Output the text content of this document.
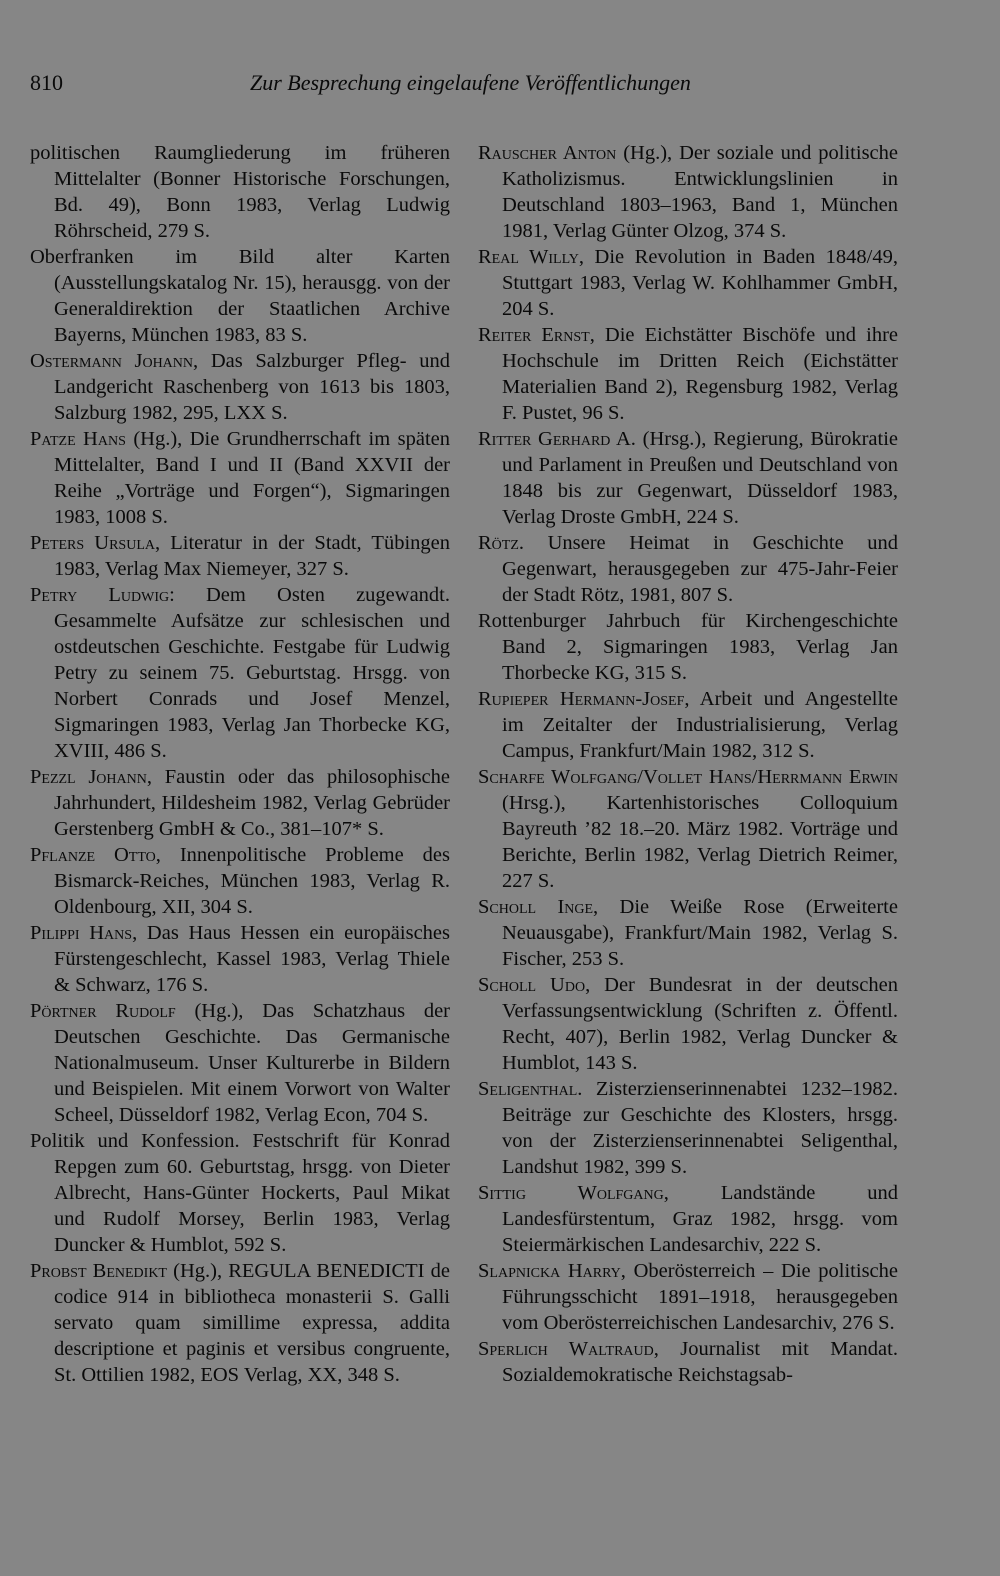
810	Zur Besprechung eingelaufene Veröffentlichungen

politischen Raumgliederung im früheren Mittelalter (Bonner Historische Forschungen, Bd. 49), Bonn 1983, Verlag Ludwig Röhrscheid, 279 S.

Oberfranken im Bild alter Karten (Ausstellungskatalog Nr. 15), herausgg. von der Generaldirektion der Staatlichen Archive Bayerns, München 1983, 83 S.

Ostermann Johann, Das Salzburger Pfleg- und Landgericht Raschenberg von 1613 bis 1803, Salzburg 1982, 295, LXX S.

Patze Hans (Hg.), Die Grundherrschaft im späten Mittelalter, Band I und II (Band XXVII der Reihe „Vorträge und Forgen“), Sigmaringen 1983, 1008 S.

Peters Ursula, Literatur in der Stadt, Tübingen 1983, Verlag Max Niemeyer, 327 S.

Petry Ludwig: Dem Osten zugewandt. Gesammelte Aufsätze zur schlesischen und ostdeutschen Geschichte. Festgabe für Ludwig Petry zu seinem 75. Geburtstag. Hrsgg. von Norbert Conrads und Josef Menzel, Sigmaringen 1983, Verlag Jan Thorbecke KG, XVIII, 486 S.

Pezzl Johann, Faustin oder das philosophische Jahrhundert, Hildesheim 1982, Verlag Gebrüder Gerstenberg GmbH & Co., 381–107* S.

Pflanze Otto, Innenpolitische Probleme des Bismarck-Reiches, München 1983, Verlag R. Oldenbourg, XII, 304 S.

Pilippi Hans, Das Haus Hessen ein europäisches Fürstengeschlecht, Kassel 1983, Verlag Thiele & Schwarz, 176 S.

Pörtner Rudolf (Hg.), Das Schatzhaus der Deutschen Geschichte. Das Germanische Nationalmuseum. Unser Kulturerbe in Bildern und Beispielen. Mit einem Vorwort von Walter Scheel, Düsseldorf 1982, Verlag Econ, 704 S.

Politik und Konfession. Festschrift für Konrad Repgen zum 60. Geburtstag, hrsgg. von Dieter Albrecht, Hans-Günter Hockerts, Paul Mikat und Rudolf Morsey, Berlin 1983, Verlag Duncker & Humblot, 592 S.

Probst Benedikt (Hg.), REGULA BENEDICTI de codice 914 in bibliotheca monasterii S. Galli servato quam simillime expressa, addita descriptione et paginis et versibus congruente, St. Ottilien 1982, EOS Verlag, XX, 348 S.

Rauscher Anton (Hg.), Der soziale und politische Katholizismus. Entwicklungslinien in Deutschland 1803–1963, Band 1, München 1981, Verlag Günter Olzog, 374 S.

Real Willy, Die Revolution in Baden 1848/49, Stuttgart 1983, Verlag W. Kohlhammer GmbH, 204 S.

Reiter Ernst, Die Eichstätter Bischöfe und ihre Hochschule im Dritten Reich (Eichstätter Materialien Band 2), Regensburg 1982, Verlag F. Pustet, 96 S.

Ritter Gerhard A. (Hrsg.), Regierung, Bürokratie und Parlament in Preußen und Deutschland von 1848 bis zur Gegenwart, Düsseldorf 1983, Verlag Droste GmbH, 224 S.

Rötz. Unsere Heimat in Geschichte und Gegenwart, herausgegeben zur 475-Jahr-Feier der Stadt Rötz, 1981, 807 S.

Rottenburger Jahrbuch für Kirchengeschichte Band 2, Sigmaringen 1983, Verlag Jan Thorbecke KG, 315 S.

Rupieper Hermann-Josef, Arbeit und Angestellte im Zeitalter der Industrialisierung, Verlag Campus, Frankfurt/Main 1982, 312 S.

Scharfe Wolfgang/Vollet Hans/Herrmann Erwin (Hrsg.), Kartenhistorisches Colloquium Bayreuth ’82 18.–20. März 1982. Vorträge und Berichte, Berlin 1982, Verlag Dietrich Reimer, 227 S.

Scholl Inge, Die Weiße Rose (Erweiterte Neuausgabe), Frankfurt/Main 1982, Verlag S. Fischer, 253 S.

Scholl Udo, Der Bundesrat in der deutschen Verfassungsentwicklung (Schriften z. Öffentl. Recht, 407), Berlin 1982, Verlag Duncker & Humblot, 143 S.

Seligenthal. Zisterzienserinnenabtei 1232–1982. Beiträge zur Geschichte des Klosters, hrsgg. von der Zisterzienserinnenabtei Seligenthal, Landshut 1982, 399 S.

Sittig Wolfgang, Landstände und Landesfürstentum, Graz 1982, hrsgg. vom Steiermärkischen Landesarchiv, 222 S.

Slapnicka Harry, Oberösterreich – Die politische Führungsschicht 1891–1918, herausgegeben vom Oberösterreichischen Landesarchiv, 276 S.

Sperlich Waltraud, Journalist mit Mandat. Sozialdemokratische Reichstagsab-
